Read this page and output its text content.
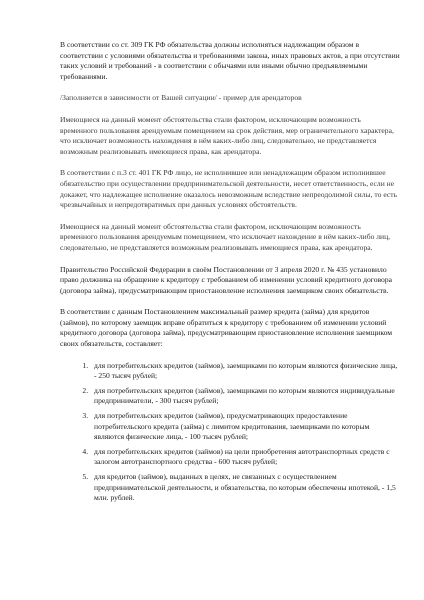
В соответствии со ст. 309 ГК РФ обязательства должны исполняться надлежащим образом в соответствии с условиями обязательства и требованиями закона, иных правовых актов, а при отсутствии таких условий и требований - в соответствии с обычаями или иными обычно предъявляемыми требованиями.

/Заполняется в зависимости от Вашей ситуации/ - пример для арендаторов

Имеющиеся на данный момент обстоятельства стали фактором, исключающим возможность временного пользования арендуемым помещением на срок действия, мер ограничительного характера, что исключает возможность нахождения в нём каких-либо лиц, следовательно, не представляется возможным реализовывать имеющиеся права, как арендатора.

В соответствии с п.3 ст. 401 ГК РФ лицо, не исполнившее или ненадлежащим образом исполнившее обязательство при осуществлении предпринимательской деятельности, несет ответственность, если не докажет, что надлежащее исполнение оказалось невозможным вследствие непреодолимой силы, то есть чрезвычайных и непредотвратимых при данных условиях обстоятельств.

Имеющиеся на данный момент обстоятельства стали фактором, исключающим возможность временного пользования арендуемым помещением, что исключает нахождение в нём каких-либо лиц, следовательно, не представляется возможным реализовывать имеющиеся права, как арендатора.

Правительство Российской Федерации в своём Постановлении от 3 апреля 2020 г. № 435 установило право должника на обращение к кредитору с требованием об изменении условий кредитного договора (договора займа), предусматривающим приостановление исполнения заемщиком своих обязательств.

В соответствии с данным Постановлением максимальный размер кредита (займа) для кредитов (займов), по которому заемщик вправе обратиться к кредитору с требованием об изменении условий кредитного договора (договора займа), предусматривающим приостановление исполнения заемщиком своих обязательств, составляет:

1. для потребительских кредитов (займов), заемщиками по которым являются физические лица, - 250 тысяч рублей;
2. для потребительских кредитов (займов), заемщиками по которым являются индивидуальные предприниматели, - 300 тысяч рублей;
3. для потребительских кредитов (займов), предусматривающих предоставление потребительского кредита (займа) с лимитом кредитования, заемщиками по которым являются физические лица, - 100 тысяч рублей;
4. для потребительских кредитов (займов) на цели приобретения автотранспортных средств с залогом автотранспортного средства - 600 тысяч рублей;
5. для кредитов (займов), выданных в целях, не связанных с осуществлением предпринимательской деятельности, и обязательства, по которым обеспечены ипотекой, - 1,5 млн. рублей.
